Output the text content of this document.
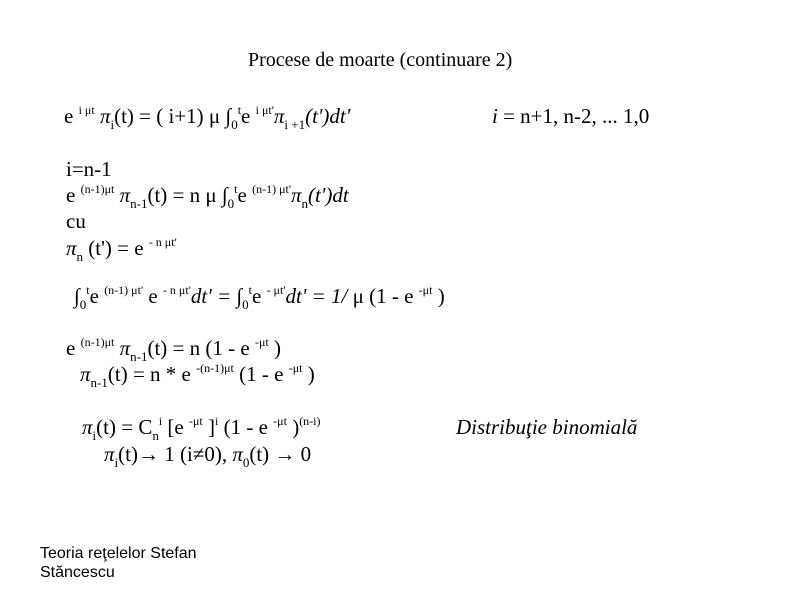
Procese de moarte (continuare 2)
e $^{i \mu t}$ $\pi_i(t)$ = ( i+1) μ $\int_0^te$ $^{i \mu t'}\pi_{i +1}(t')dt'$	i = n+1, n-2, ... 1,0
i=n-1
e $^{(n-1)\mu t}$ $\pi_{n-1}(t) = n$ μ $\int_0^te$ $^{(n-1) \mu t'}\pi_n(t')dt$
cu
$\pi_n$ (t') = e $^{- n \mu t'}$
$\int_0^te$ $^{(n-1) \mu t'}$ e $^{- n \mu t'}dt' = \int_0^te$ $^{- \mu t'}$dt' = 1/ μ (1 - e $^{-\mu t}$ )
e $^{(n-1)\mu t}$ $\pi_{n-1}(t) = n$ (1 - e $^{-\mu t}$ )
$\pi_{n-1}(t) = n * e$ $^{-(n-1)\mu t}$ (1 - e $^{-\mu t}$ )
$\pi_i(t) = C_n^i$ [e $^{-\mu t}$ ]$^i$ (1 - e $^{-\mu t}$ )$^{(n-i)}$
$\pi_i(t)\to 1$ (i≠0), $\pi_0(t) \to 0$
Distribuţie binomială
Teoria reţelelor Stefan Stăncescu
